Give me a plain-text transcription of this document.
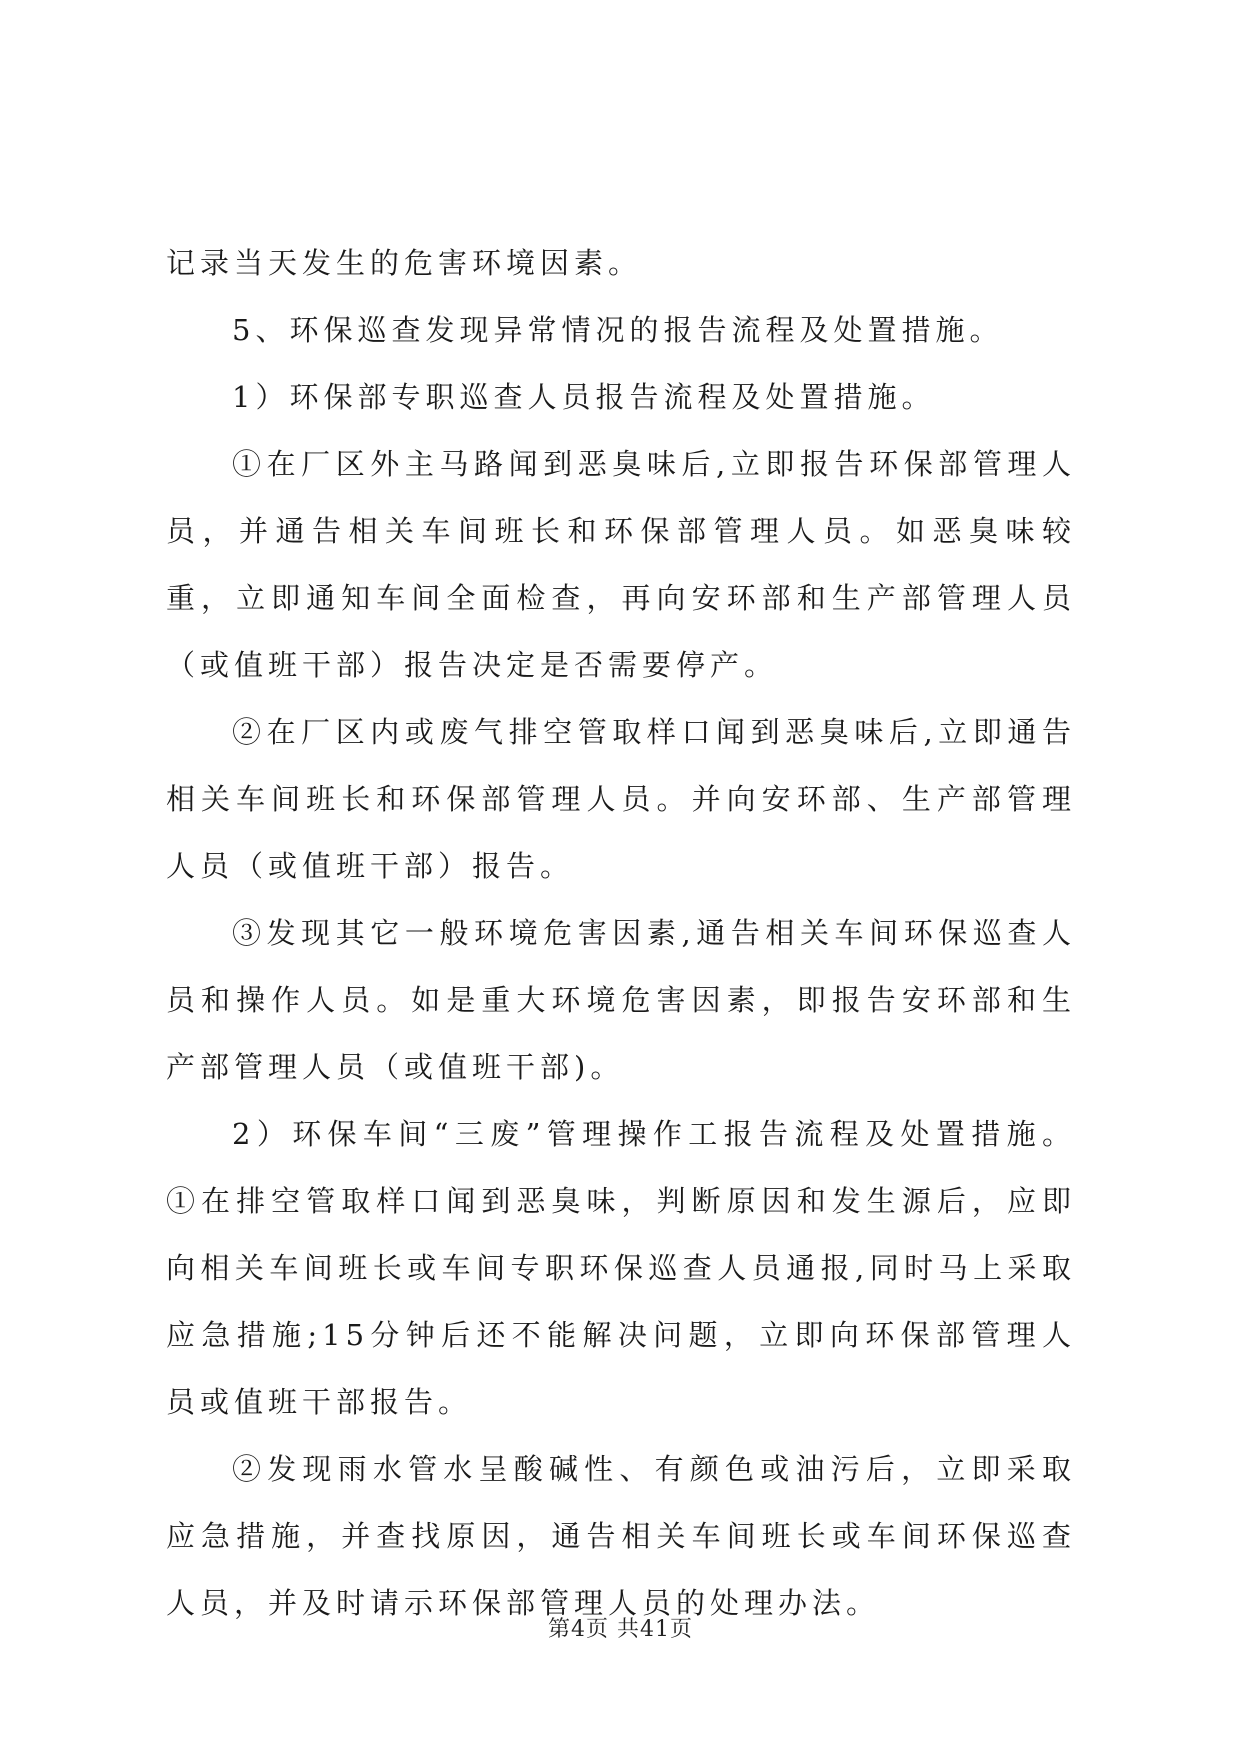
记录当天发生的危害环境因素。

5、环保巡查发现异常情况的报告流程及处置措施。

1）环保部专职巡查人员报告流程及处置措施。

①在厂区外主马路闻到恶臭味后,立即报告环保部管理人员，并通告相关车间班长和环保部管理人员。如恶臭味较重，立即通知车间全面检查，再向安环部和生产部管理人员（或值班干部）报告决定是否需要停产。

②在厂区内或废气排空管取样口闻到恶臭味后,立即通告相关车间班长和环保部管理人员。并向安环部、生产部管理人员（或值班干部）报告。

③发现其它一般环境危害因素,通告相关车间环保巡查人员和操作人员。如是重大环境危害因素，即报告安环部和生产部管理人员（或值班干部)。

2）环保车间“三废”管理操作工报告流程及处置措施。①在排空管取样口闻到恶臭味，判断原因和发生源后，应即向相关车间班长或车间专职环保巡查人员通报,同时马上采取应急措施;15分钟后还不能解决问题，立即向环保部管理人员或值班干部报告。

②发现雨水管水呈酸碱性、有颜色或油污后，立即采取应急措施，并查找原因，通告相关车间班长或车间环保巡查人员，并及时请示环保部管理人员的处理办法。

第4页 共41页
